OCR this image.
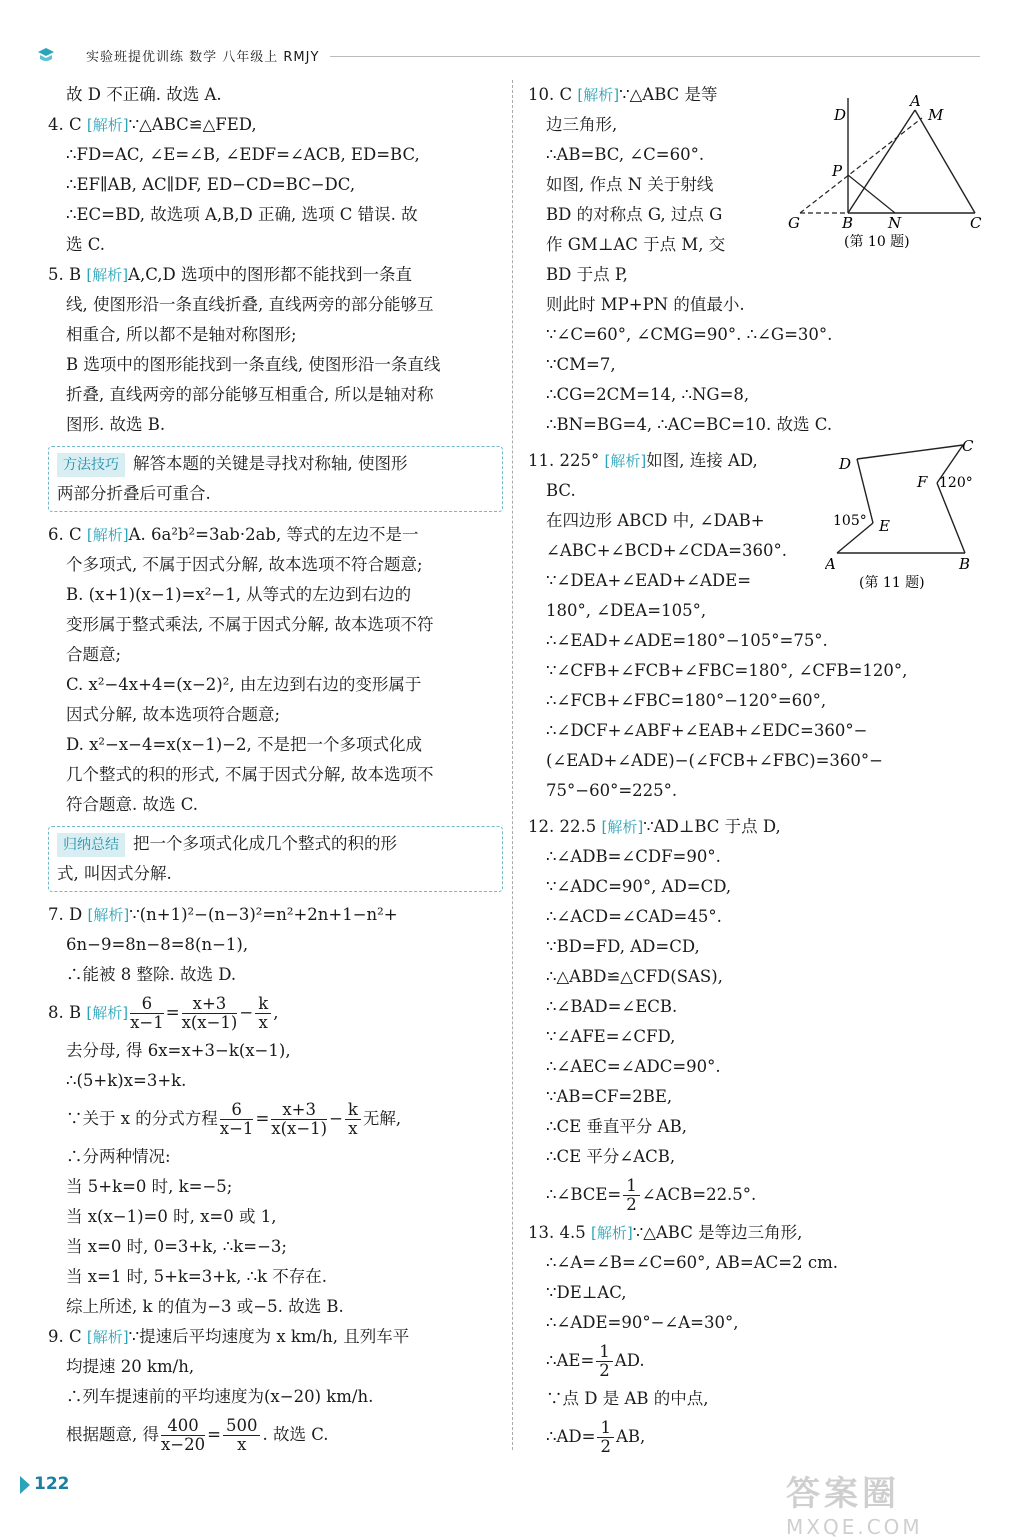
实验班提优训练 数学 八年级上 RMJY
故 D 不正确. 故选 A.
4. C [解析]∵△ABC≌△FED,
∴FD=AC, ∠E=∠B, ∠EDF=∠ACB, ED=BC,
∴EF∥AB, AC∥DF, ED−CD=BC−DC,
∴EC=BD, 故选项 A,B,D 正确, 选项 C 错误. 故
选 C.
5. B [解析]A,C,D 选项中的图形都不能找到一条直
线, 使图形沿一条直线折叠, 直线两旁的部分能够互
相重合, 所以都不是轴对称图形;
B 选项中的图形能找到一条直线, 使图形沿一条直线
折叠, 直线两旁的部分能够互相重合, 所以是轴对称
图形. 故选 B.
方法技巧 解答本题的关键是寻找对称轴, 使图形
两部分折叠后可重合.
6. C [解析]A. 6a²b²=3ab·2ab, 等式的左边不是一
个多项式, 不属于因式分解, 故本选项不符合题意;
B. (x+1)(x−1)=x²−1, 从等式的左边到右边的
变形属于整式乘法, 不属于因式分解, 故本选项不符
合题意;
C. x²−4x+4=(x−2)², 由左边到右边的变形属于
因式分解, 故本选项符合题意;
D. x²−x−4=x(x−1)−2, 不是把一个多项式化成
几个整式的积的形式, 不属于因式分解, 故本选项不
符合题意. 故选 C.
归纳总结 把一个多项式化成几个整式的积的形
式, 叫因式分解.
7. D [解析]∵(n+1)²−(n−3)²=n²+2n+1−n²+
6n−9=8n−8=8(n−1),
∴能被 8 整除. 故选 D.
8. B [解析] $\frac{6}{x-1} = \frac{x+3}{x(x-1)} - \frac{k}{x}$ ,
去分母, 得 6x=x+3−k(x−1),
∴(5+k)x=3+k.
∵关于 x 的分式方程 $\frac{6}{x-1} = \frac{x+3}{x(x-1)} - \frac{k}{x}$ 无解,
∴分两种情况:
当 5+k=0 时, k=−5;
当 x(x−1)=0 时, x=0 或 1,
当 x=0 时, 0=3+k, ∴k=−3;
当 x=1 时, 5+k=3+k, ∴k 不存在.
综上所述, k 的值为−3 或−5. 故选 B.
9. C [解析]∵提速后平均速度为 x km/h, 且列车平
均提速 20 km/h,
∴列车提速前的平均速度为(x−20) km/h.
根据题意, 得 $\frac{400}{x-20} = \frac{500}{x}$ . 故选 C.
10. C [解析]∵△ABC 是等
边三角形,
∴AB=BC, ∠C=60°.
如图, 作点 N 关于射线
BD 的对称点 G, 过点 G
作 GM⊥AC 于点 M, 交
BD 于点 P,
则此时 MP+PN 的值最小.
∵∠C=60°, ∠CMG=90°. ∴∠G=30°.
∵CM=7,
∴CG=2CM=14, ∴NG=8,
∴BN=BG=4, ∴AC=BC=10. 故选 C.
11. 225° [解析]如图, 连接 AD,
BC.
在四边形 ABCD 中, ∠DAB+
∠ABC+∠BCD+∠CDA=360°.
∵∠DEA+∠EAD+∠ADE=
180°, ∠DEA=105°,
∴∠EAD+∠ADE=180°−105°=75°.
∵∠CFB+∠FCB+∠FBC=180°, ∠CFB=120°,
∴∠FCB+∠FBC=180°−120°=60°,
∴∠DCF+∠ABF+∠EAB+∠EDC=360°−
(∠EAD+∠ADE)−(∠FCB+∠FBC)=360°−
75°−60°=225°.
12. 22.5 [解析]∵AD⊥BC 于点 D,
∴∠ADB=∠CDF=90°.
∵∠ADC=90°, AD=CD,
∴∠ACD=∠CAD=45°.
∵BD=FD, AD=CD,
∴△ABD≌△CFD(SAS),
∴∠BAD=∠ECB.
∵∠AFE=∠CFD,
∴∠AEC=∠ADC=90°.
∵AB=CF=2BE,
∴CE 垂直平分 AB,
∴CE 平分∠ACB,
∴∠BCE= $\frac{1}{2}$ ∠ACB=22.5°.
13. 4.5 [解析]∵△ABC 是等边三角形,
∴∠A=∠B=∠C=60°, AB=AC=2 cm.
∵DE⊥AC,
∴∠ADE=90°−∠A=30°,
∴AE= $\frac{1}{2}$ AD.
∵点 D 是 AB 的中点,
∴AD= $\frac{1}{2}$ AB,
D
A
M
P
G	B N	C
(第 10 题)
D
C
F 120°
105° E
A	B
(第 11 题)
122	答案圈
MXQE.COM
